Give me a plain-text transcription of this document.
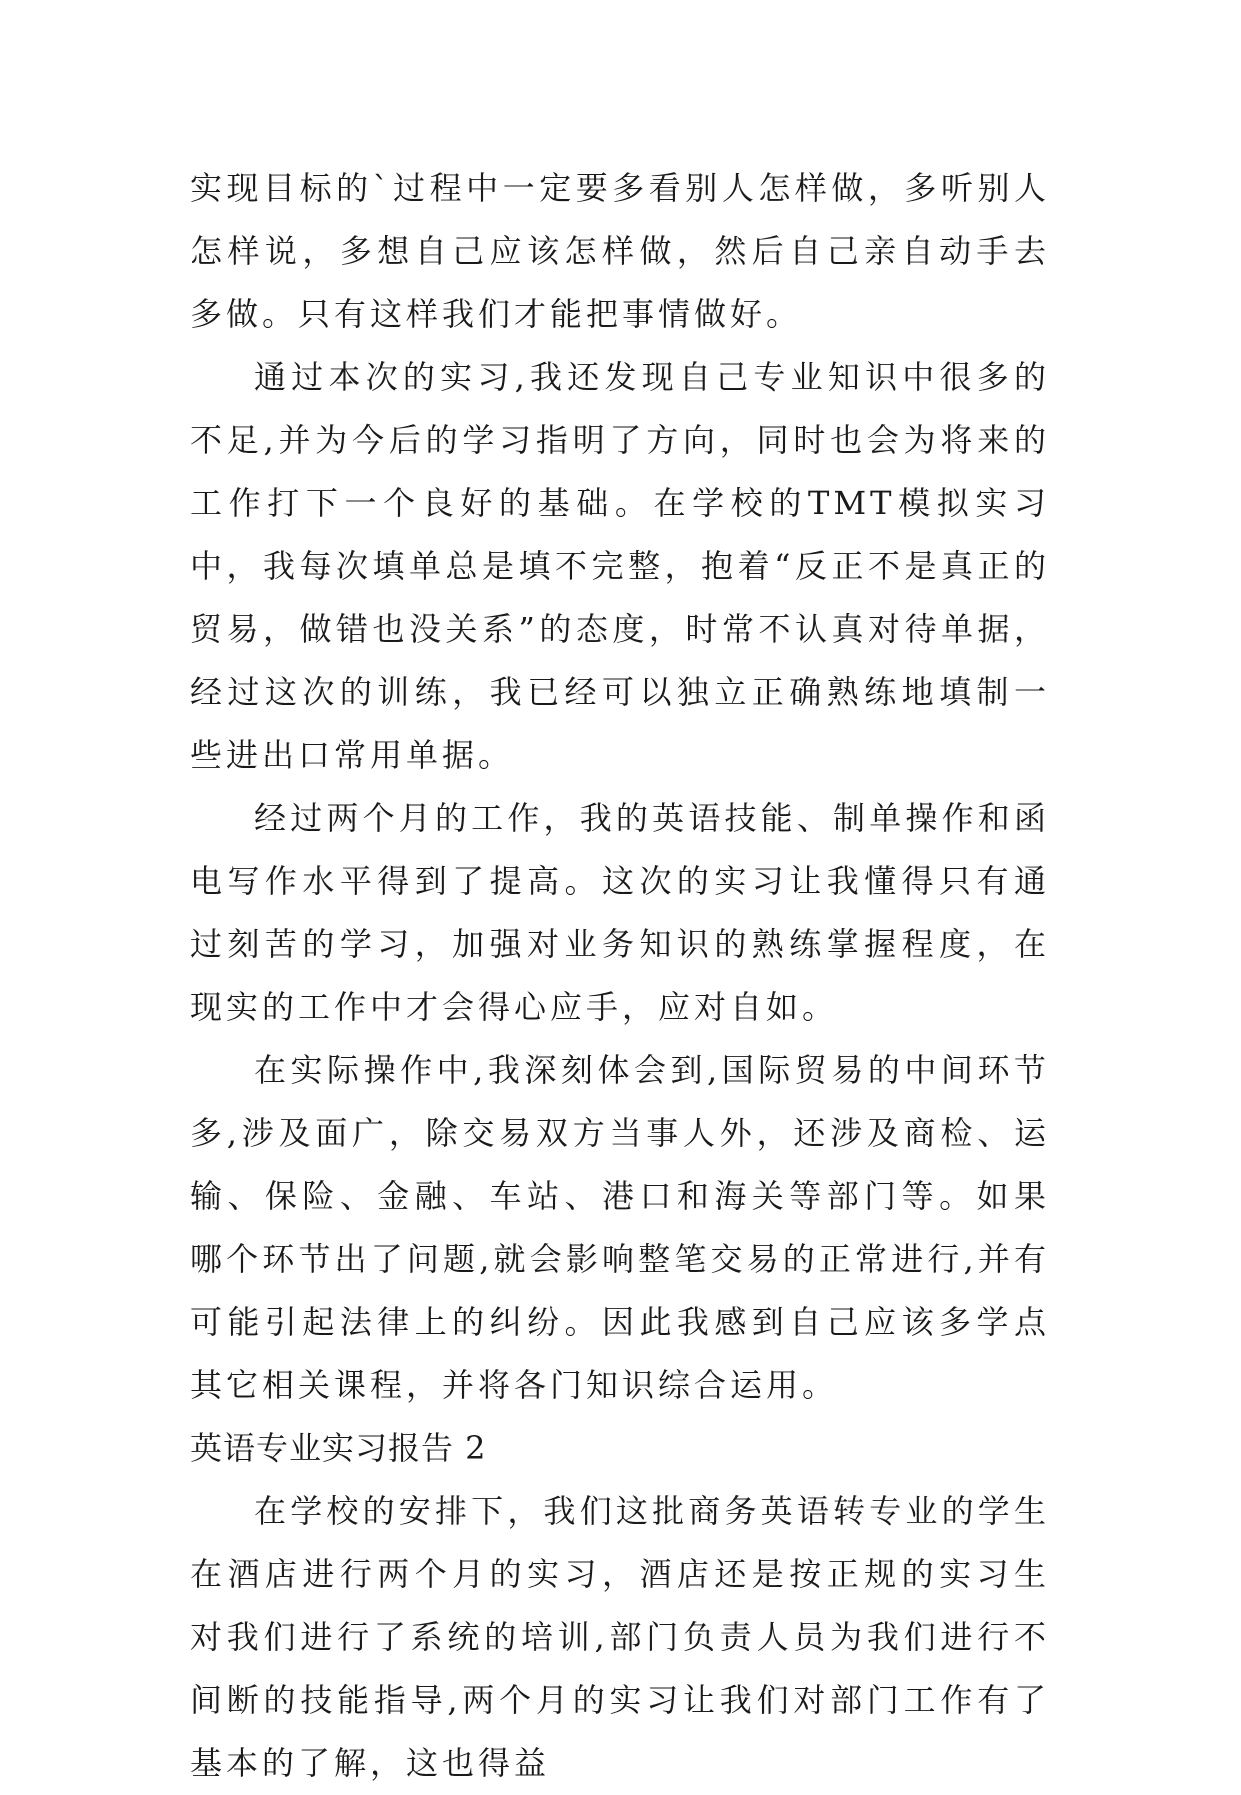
实现目标的`过程中一定要多看别人怎样做，多听别人怎样说，多想自己应该怎样做，然后自己亲自动手去多做。只有这样我们才能把事情做好。

通过本次的实习,我还发现自己专业知识中很多的不足,并为今后的学习指明了方向，同时也会为将来的工作打下一个良好的基础。在学校的TMT模拟实习中，我每次填单总是填不完整，抱着“反正不是真正的贸易，做错也没关系”的态度，时常不认真对待单据，经过这次的训练，我已经可以独立正确熟练地填制一些进出口常用单据。

经过两个月的工作，我的英语技能、制单操作和函电写作水平得到了提高。这次的实习让我懂得只有通过刻苦的学习，加强对业务知识的熟练掌握程度，在现实的工作中才会得心应手，应对自如。

在实际操作中,我深刻体会到,国际贸易的中间环节多,涉及面广，除交易双方当事人外，还涉及商检、运输、保险、金融、车站、港口和海关等部门等。如果哪个环节出了问题,就会影响整笔交易的正常进行,并有可能引起法律上的纠纷。因此我感到自己应该多学点其它相关课程，并将各门知识综合运用。

英语专业实习报告 2

在学校的安排下，我们这批商务英语转专业的学生在酒店进行两个月的实习，酒店还是按正规的实习生对我们进行了系统的培训,部门负责人员为我们进行不间断的技能指导,两个月的实习让我们对部门工作有了基本的了解，这也得益
